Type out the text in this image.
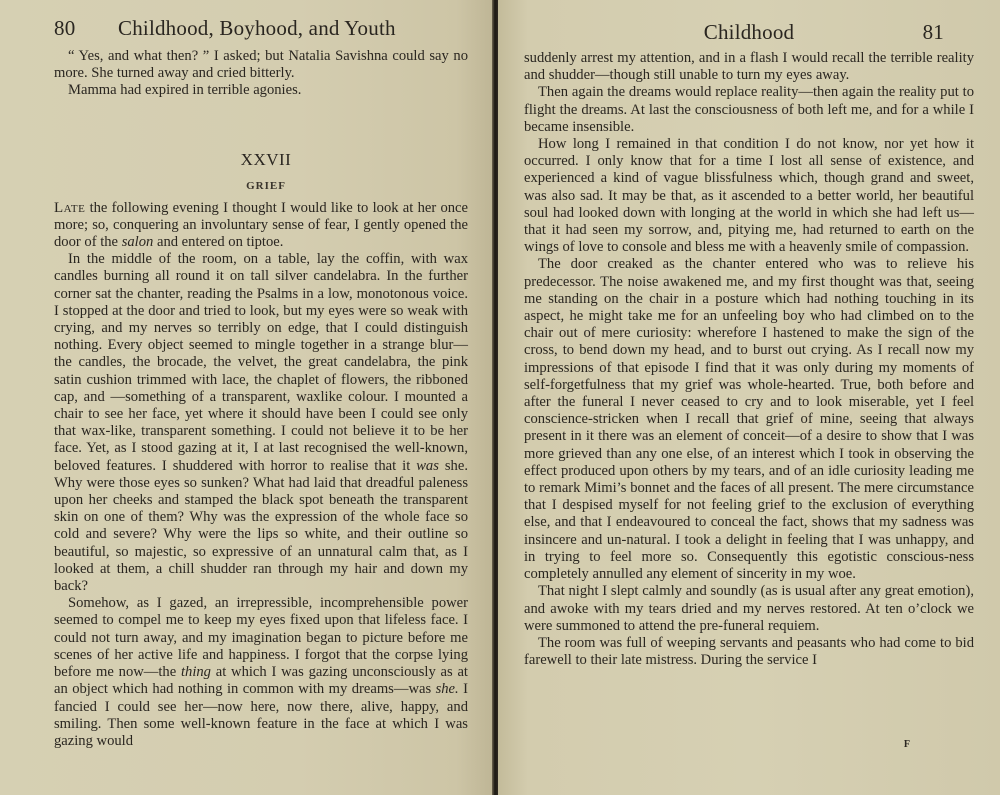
80 Childhood, Boyhood, and Youth

“ Yes, and what then? ” I asked; but Natalia Savishna could say no more. She turned away and cried bitterly.

Mamma had expired in terrible agonies.

XXVII
GRIEF

Late the following evening I thought I would like to look at her once more; so, conquering an involuntary sense of fear, I gently opened the door of the salon and entered on tiptoe.

In the middle of the room, on a table, lay the coffin, with wax candles burning all round it on tall silver candelabra. In the further corner sat the chanter, reading the Psalms in a low, monotonous voice. I stopped at the door and tried to look, but my eyes were so weak with crying, and my nerves so terribly on edge, that I could distinguish nothing. Every object seemed to mingle together in a strange blur—the candles, the brocade, the velvet, the great candelabra, the pink satin cushion trimmed with lace, the chaplet of flowers, the ribboned cap, and —something of a transparent, waxlike colour. I mounted a chair to see her face, yet where it should have been I could see only that wax-like, transparent something. I could not believe it to be her face. Yet, as I stood gazing at it, I at last recognised the well-known, beloved features. I shuddered with horror to realise that it was she. Why were those eyes so sunken? What had laid that dreadful paleness upon her cheeks and stamped the black spot beneath the transparent skin on one of them? Why was the expression of the whole face so cold and severe? Why were the lips so white, and their outline so beautiful, so majestic, so expressive of an unnatural calm that, as I looked at them, a chill shudder ran through my hair and down my back?

Somehow, as I gazed, an irrepressible, incomprehensible power seemed to compel me to keep my eyes fixed upon that lifeless face. I could not turn away, and my imagination began to picture before me scenes of her active life and happiness. I forgot that the corpse lying before me now—the thing at which I was gazing unconsciously as at an object which had nothing in common with my dreams—was she. I fancied I could see her—now here, now there, alive, happy, and smiling. Then some well-known feature in the face at which I was gazing would

Childhood	81

suddenly arrest my attention, and in a flash I would recall the terrible reality and shudder—though still unable to turn my eyes away.

Then again the dreams would replace reality—then again the reality put to flight the dreams. At last the consciousness of both left me, and for a while I became insensible.

How long I remained in that condition I do not know, nor yet how it occurred. I only know that for a time I lost all sense of existence, and experienced a kind of vague blissfulness which, though grand and sweet, was also sad. It may be that, as it ascended to a better world, her beautiful soul had looked down with longing at the world in which she had left us—that it had seen my sorrow, and, pitying me, had returned to earth on the wings of love to console and bless me with a heavenly smile of compassion.

The door creaked as the chanter entered who was to relieve his predecessor. The noise awakened me, and my first thought was that, seeing me standing on the chair in a posture which had nothing touching in its aspect, he might take me for an unfeeling boy who had climbed on to the chair out of mere curiosity: wherefore I hastened to make the sign of the cross, to bend down my head, and to burst out crying. As I recall now my impressions of that episode I find that it was only during my moments of self-forgetfulness that my grief was whole-hearted. True, both before and after the funeral I never ceased to cry and to look miserable, yet I feel conscience-stricken when I recall that grief of mine, seeing that always present in it there was an element of conceit—of a desire to show that I was more grieved than any one else, of an interest which I took in observing the effect produced upon others by my tears, and of an idle curiosity leading me to remark Mimi’s bonnet and the faces of all present. The mere circumstance that I despised myself for not feeling grief to the exclusion of everything else, and that I endeavoured to conceal the fact, shows that my sadness was insincere and un-natural. I took a delight in feeling that I was unhappy, and in trying to feel more so. Consequently this egotistic conscious-ness completely annulled any element of sincerity in my woe.

That night I slept calmly and soundly (as is usual after any great emotion), and awoke with my tears dried and my nerves restored. At ten o’clock we were summoned to attend the pre-funeral requiem.

The room was full of weeping servants and peasants who had come to bid farewell to their late mistress. During the service I

F
